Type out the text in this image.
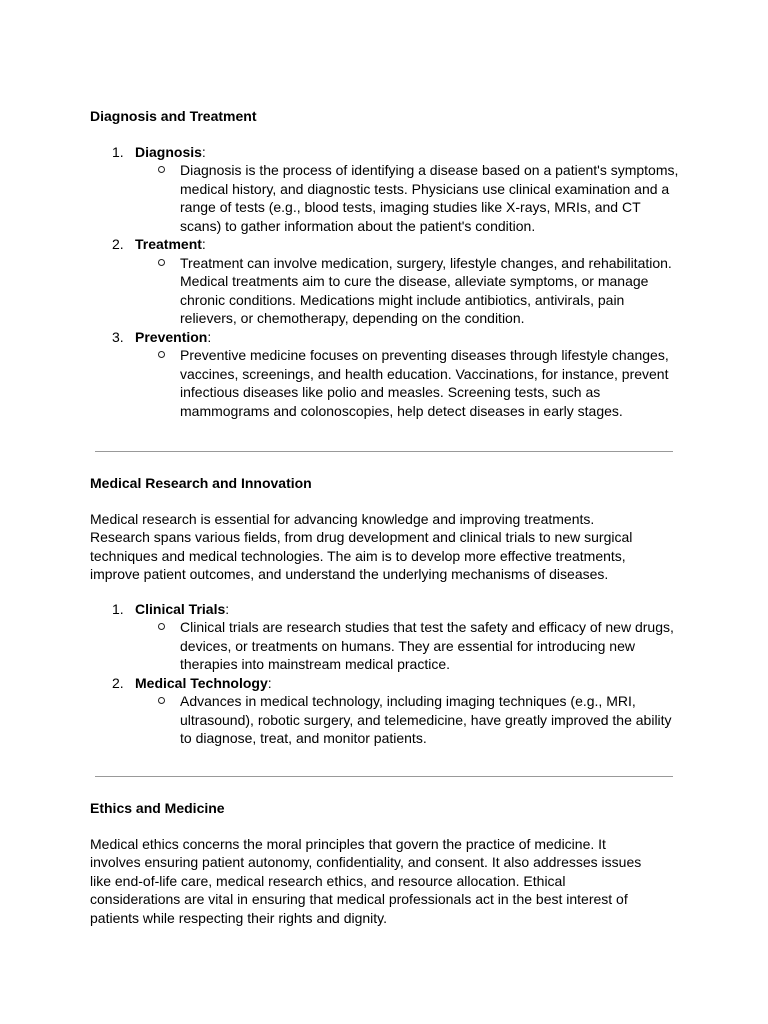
Diagnosis and Treatment

1. Diagnosis:
Diagnosis is the process of identifying a disease based on a patient's symptoms, medical history, and diagnostic tests. Physicians use clinical examination and a range of tests (e.g., blood tests, imaging studies like X-rays, MRIs, and CT scans) to gather information about the patient's condition.
2. Treatment:
Treatment can involve medication, surgery, lifestyle changes, and rehabilitation. Medical treatments aim to cure the disease, alleviate symptoms, or manage chronic conditions. Medications might include antibiotics, antivirals, pain relievers, or chemotherapy, depending on the condition.
3. Prevention:
Preventive medicine focuses on preventing diseases through lifestyle changes, vaccines, screenings, and health education. Vaccinations, for instance, prevent infectious diseases like polio and measles. Screening tests, such as mammograms and colonoscopies, help detect diseases in early stages.

Medical Research and Innovation

Medical research is essential for advancing knowledge and improving treatments. Research spans various fields, from drug development and clinical trials to new surgical techniques and medical technologies. The aim is to develop more effective treatments, improve patient outcomes, and understand the underlying mechanisms of diseases.

1. Clinical Trials:
Clinical trials are research studies that test the safety and efficacy of new drugs, devices, or treatments on humans. They are essential for introducing new therapies into mainstream medical practice.
2. Medical Technology:
Advances in medical technology, including imaging techniques (e.g., MRI, ultrasound), robotic surgery, and telemedicine, have greatly improved the ability to diagnose, treat, and monitor patients.

Ethics and Medicine

Medical ethics concerns the moral principles that govern the practice of medicine. It involves ensuring patient autonomy, confidentiality, and consent. It also addresses issues like end-of-life care, medical research ethics, and resource allocation. Ethical considerations are vital in ensuring that medical professionals act in the best interest of patients while respecting their rights and dignity.
